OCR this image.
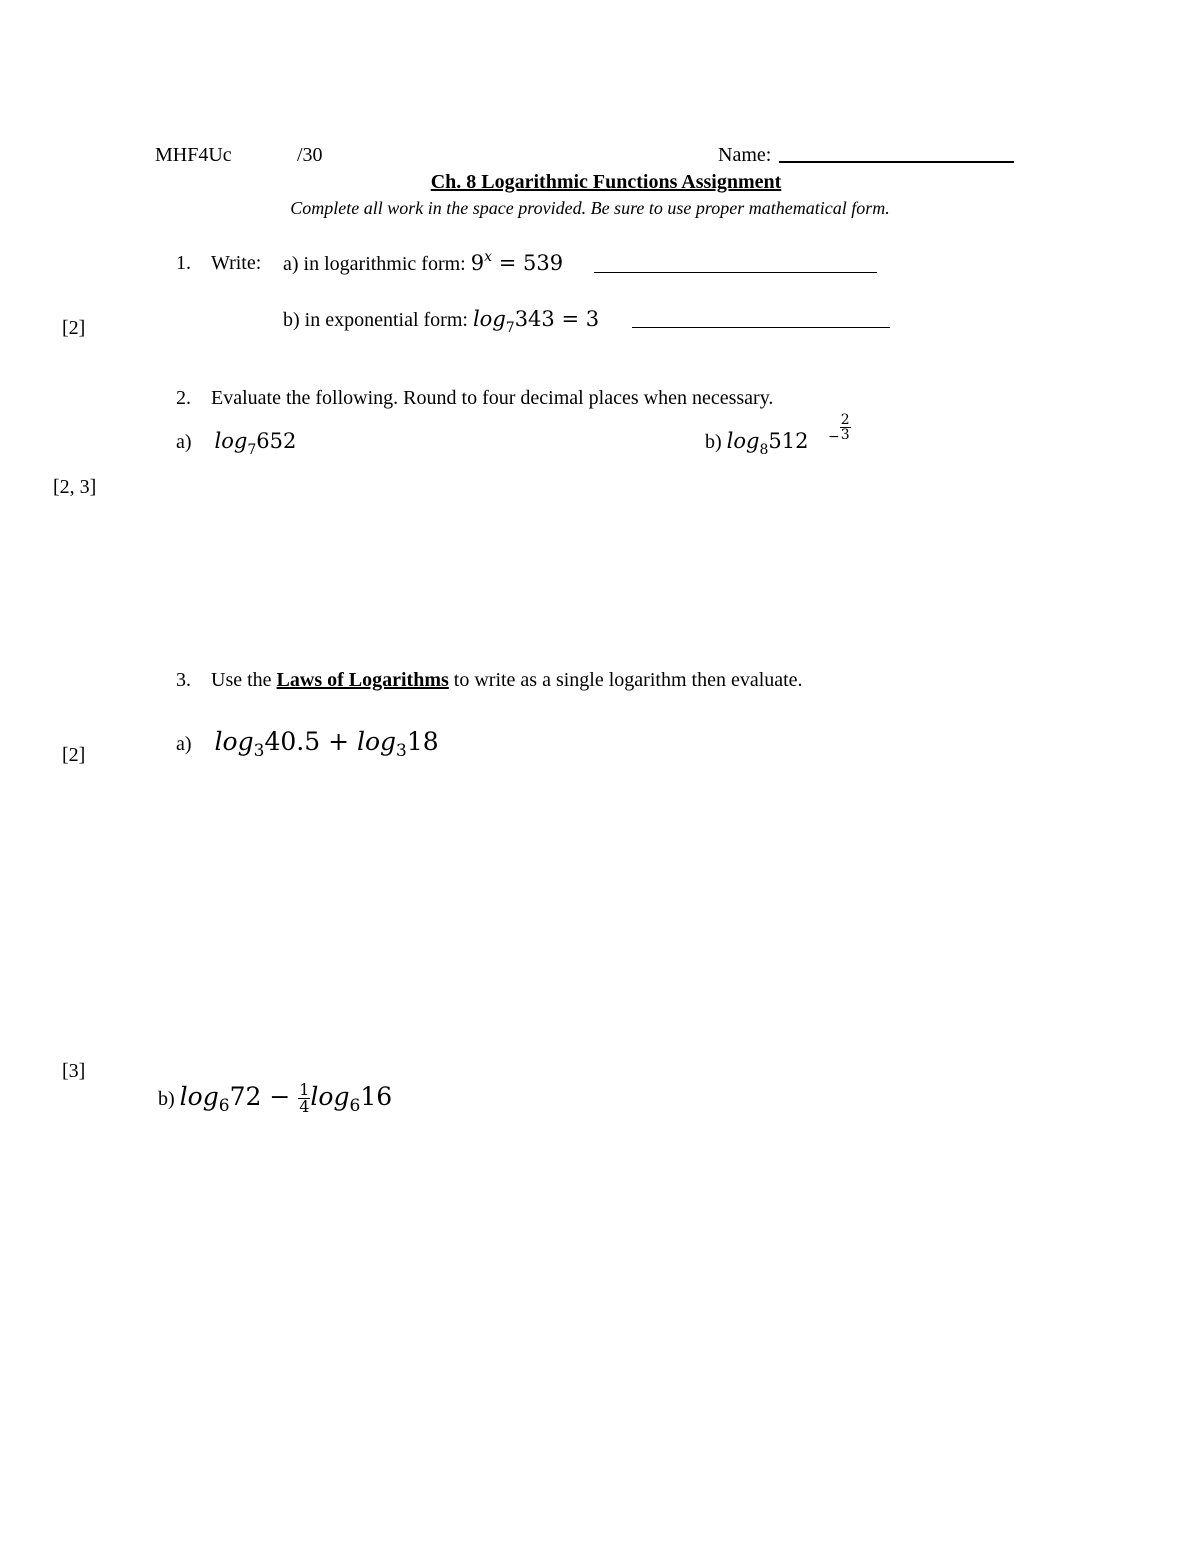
MHF4Uc	/30	Name:
Ch. 8 Logarithmic Functions Assignment
Complete all work in the space provided. Be sure to use proper mathematical form.
1. Write: a) in logarithmic form: $9^x = 539$
[2]	b) in exponential form: $\log_7343 = 3$
2. Evaluate the following. Round to four decimal places when necessary.
a) $\log_7652$	b) $\log_8512 - \frac{2}{3}$
[2, 3]
3. Use the Laws of Logarithms to write as a single logarithm then evaluate.
a) $\log_340.5 + \log_318$
[2]
[3]
b) $\log_672 - \frac{1}{4} \log_616$
